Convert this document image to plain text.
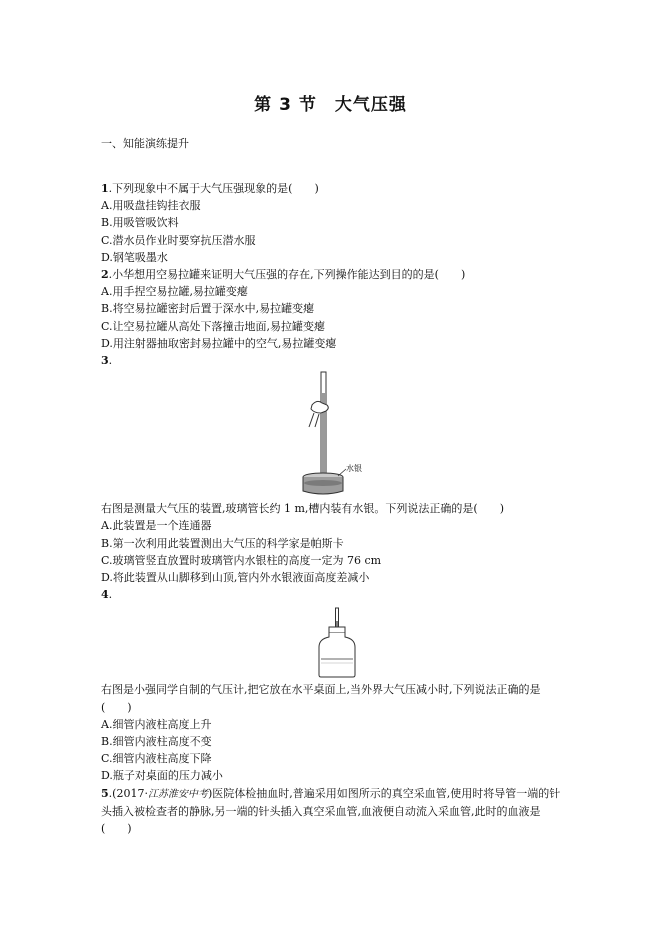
第 3 节　大气压强
一、知能演练提升
1.下列现象中不属于大气压强现象的是(　　)
A.用吸盘挂钩挂衣服
B.用吸管吸饮料
C.潜水员作业时要穿抗压潜水服
D.钢笔吸墨水
2.小华想用空易拉罐来证明大气压强的存在,下列操作能达到目的的是(　　)
A.用手捏空易拉罐,易拉罐变瘪
B.将空易拉罐密封后置于深水中,易拉罐变瘪
C.让空易拉罐从高处下落撞击地面,易拉罐变瘪
D.用注射器抽取密封易拉罐中的空气,易拉罐变瘪
3.
水银
右图是测量大气压的装置,玻璃管长约 1 m,槽内装有水银。下列说法正确的是(　　)
A.此装置是一个连通器
B.第一次利用此装置测出大气压的科学家是帕斯卡
C.玻璃管竖直放置时玻璃管内水银柱的高度一定为 76 cm
D.将此装置从山脚移到山顶,管内外水银液面高度差减小
4.
右图是小强同学自制的气压计,把它放在水平桌面上,当外界大气压减小时,下列说法正确的是(　　)
A.细管内液柱高度上升
B.细管内液柱高度不变
C.细管内液柱高度下降
D.瓶子对桌面的压力减小
5.(2017·江苏淮安中考)医院体检抽血时,普遍采用如图所示的真空采血管,使用时将导管一端的针头插入被检查者的静脉,另一端的针头插入真空采血管,血液便自动流入采血管,此时的血液是(　　)
